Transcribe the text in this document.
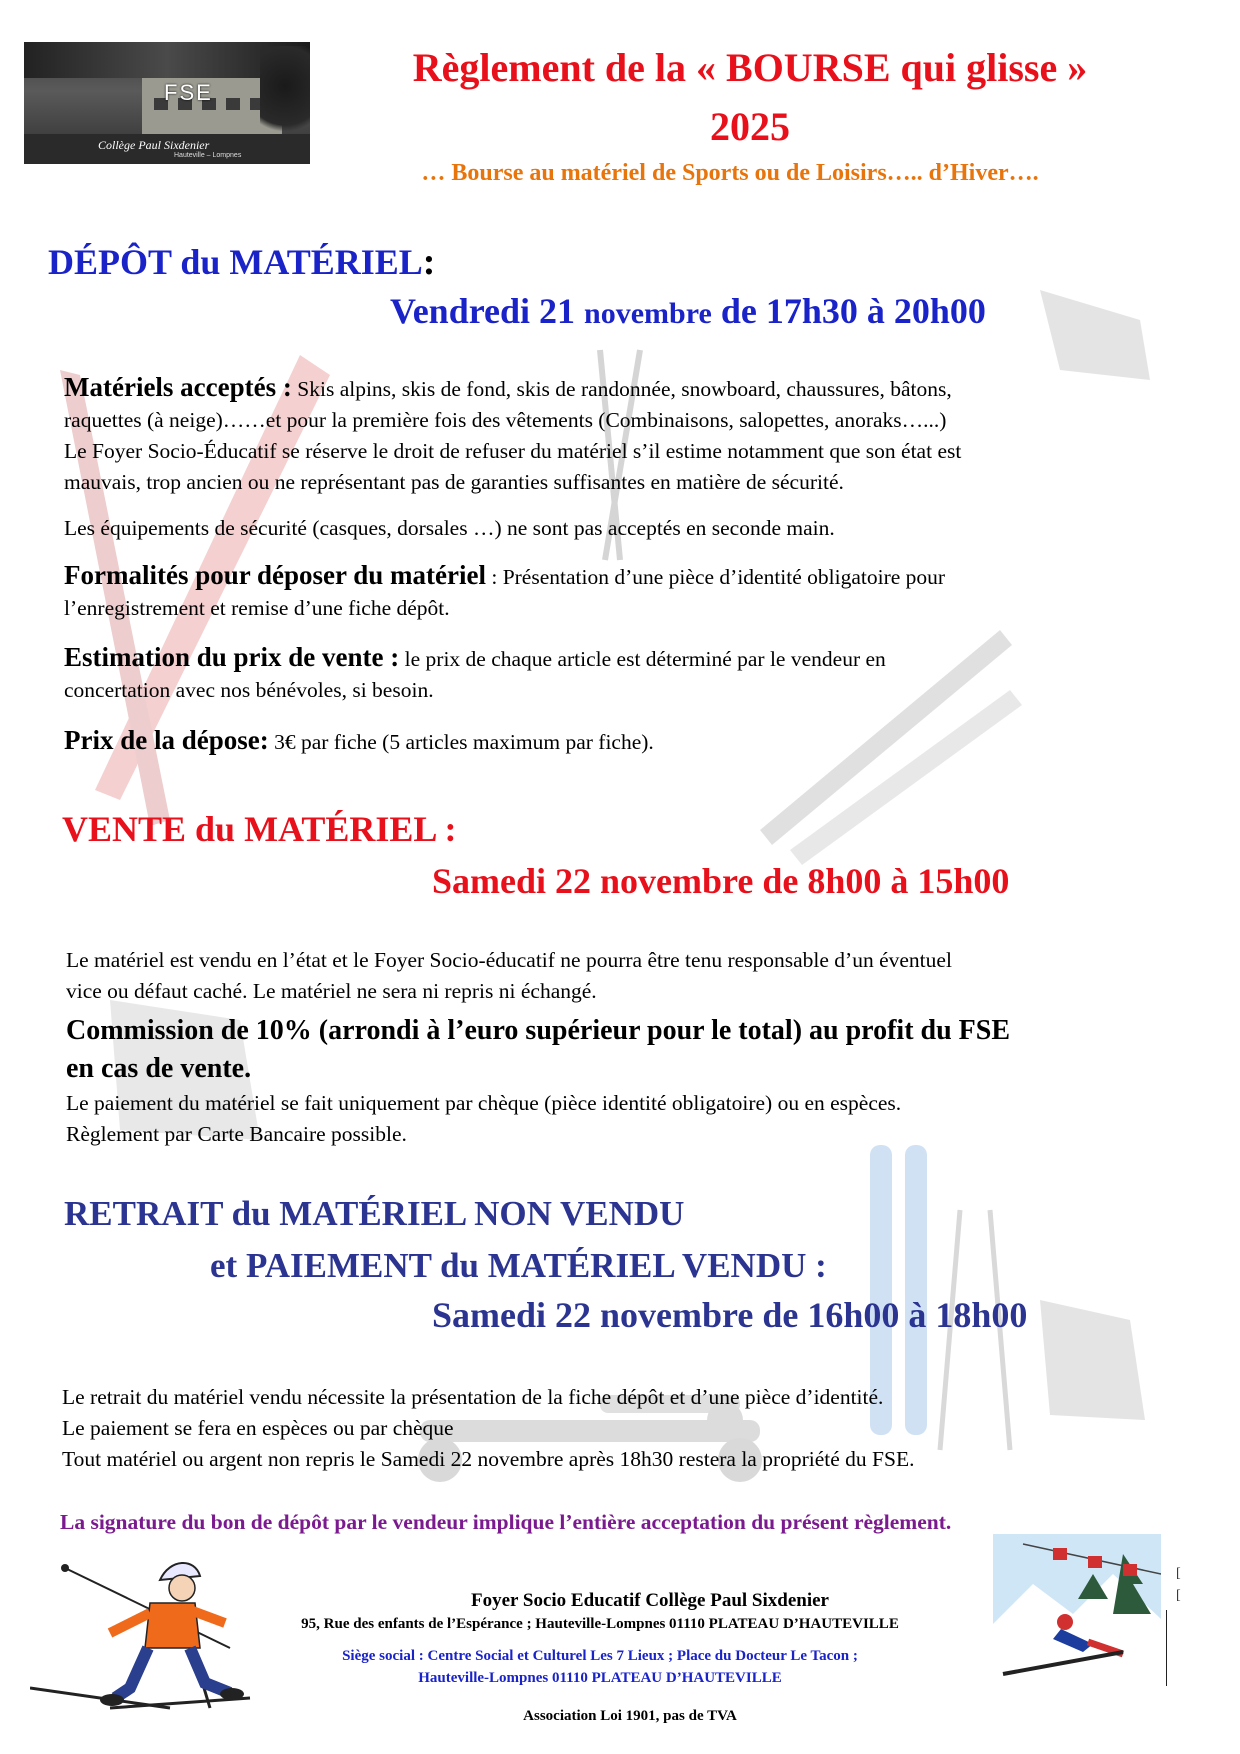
FSE
Collège Paul Sixdenier
Hauteville – Lompnes
Règlement de la « BOURSE qui glisse »
2025
… Bourse au matériel de Sports ou de Loisirs….. d’Hiver….
DÉPÔT du MATÉRIEL:
Vendredi 21 novembre de 17h30 à 20h00
Matériels acceptés : Skis alpins, skis de fond, skis de randonnée, snowboard, chaussures, bâtons,
raquettes (à neige)……et pour la première fois des vêtements (Combinaisons, salopettes, anoraks…...)
Le Foyer Socio-Éducatif se réserve le droit de refuser du matériel s’il estime notamment que son état est
mauvais, trop ancien ou ne représentant pas de garanties suffisantes en matière de sécurité.
Les équipements de sécurité (casques, dorsales …) ne sont pas acceptés en seconde main.
Formalités pour déposer du matériel : Présentation d’une pièce d’identité obligatoire pour
l’enregistrement et remise d’une fiche dépôt.
Estimation du prix de vente : le prix de chaque article est déterminé par le vendeur en
concertation avec nos bénévoles, si besoin.
Prix de la dépose: 3€ par fiche (5 articles maximum par fiche).
VENTE du MATÉRIEL :
Samedi 22 novembre de 8h00 à 15h00
Le matériel est vendu en l’état et le Foyer Socio-éducatif ne pourra être tenu responsable d’un éventuel
vice ou défaut caché. Le matériel ne sera ni repris ni échangé.
Commission de 10% (arrondi à l’euro supérieur pour le total) au profit du FSE
en cas de vente.
Le paiement du matériel se fait uniquement par chèque (pièce identité obligatoire) ou en espèces.
Règlement par Carte Bancaire possible.
RETRAIT du MATÉRIEL NON VENDU
et PAIEMENT du MATÉRIEL VENDU :
Samedi 22 novembre de 16h00 à 18h00
Le retrait du matériel vendu nécessite la présentation de la fiche dépôt et d’une pièce d’identité.
Le paiement se fera en espèces ou par chèque
Tout matériel ou argent non repris le Samedi 22 novembre après 18h30 restera la propriété du FSE.
La signature du bon de dépôt par le vendeur implique l’entière acceptation du présent règlement.
[
[
Foyer Socio Educatif Collège Paul Sixdenier
95, Rue des enfants de l’Espérance ; Hauteville-Lompnes 01110 PLATEAU D’HAUTEVILLE
Siège social : Centre Social et Culturel Les 7 Lieux ; Place du Docteur Le Tacon ;
Hauteville-Lompnes 01110 PLATEAU D’HAUTEVILLE
Association Loi 1901, pas de TVA
